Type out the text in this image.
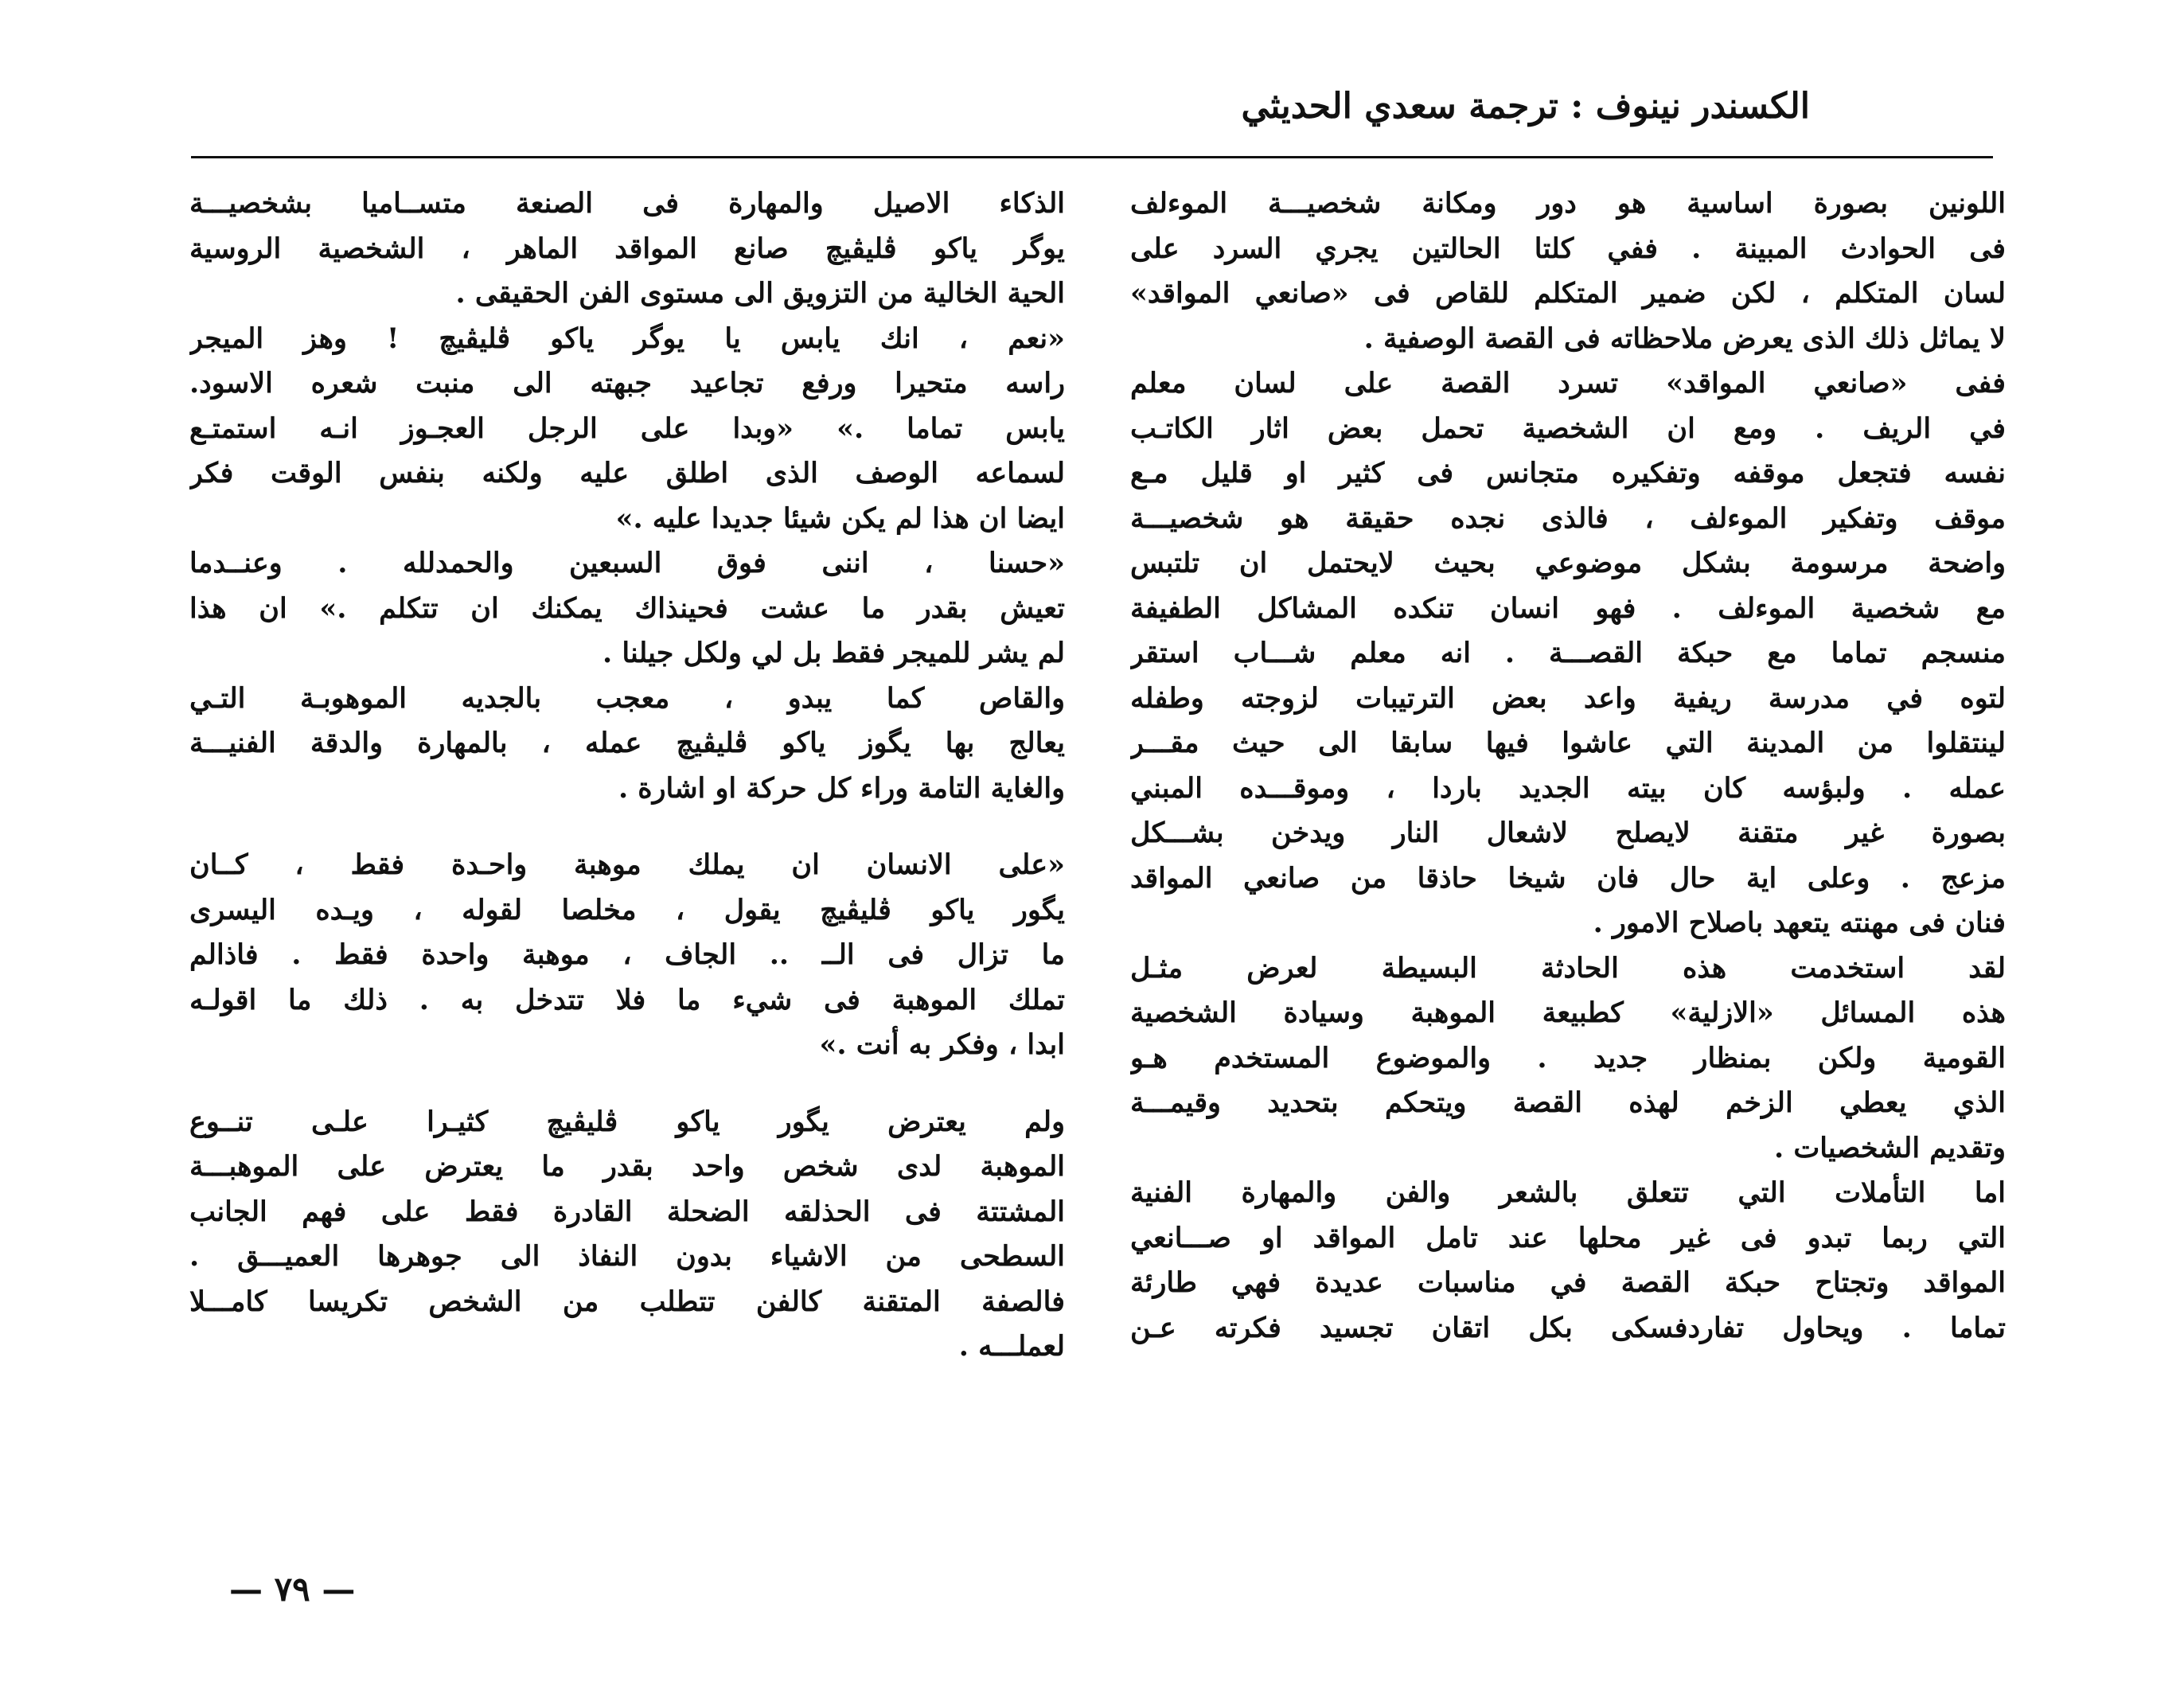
الكسندر نينوف : ترجمة سعدي الحديثي
اللونين بصورة اساسية هو دور ومكانة شخصيـــة الموءلف
فى الحوادث المبينة . ففي كلتا الحالتين يجري السرد على
لسان المتكلم ، لكن ضمير المتكلم للقاص فى «صانعي المواقد»
لا يماثل ذلك الذى يعرض ملاحظاته فى القصة الوصفية .
ففى «صانعي المواقد» تسرد القصة على لسان معلم
في الريف . ومع ان الشخصية تحمل بعض اثار الكاتـب
نفسه فتجعل موقفه وتفكيره متجانس فى كثير او قليل مـع
موقف وتفكير الموءلف ، فالذى نجده حقيقة هو شخصيـــة
واضحة مرسومة بشكل موضوعي بحيث لايحتمل ان تلتبس
مع شخصية الموءلف . فهو انسان تنكده المشاكل الطفيفة
منسجم تماما مع حبكة القصـــة . انه معلم شـــاب استقر
لتوه في مدرسة ريفية واعد بعض الترتيبات لزوجته وطفله
لينتقلوا من المدينة التي عاشوا فيها سابقا الى حيث مقـــر
عمله . ولبؤسه كان بيته الجديد باردا ، وموقـــده المبني
بصورة غير متقنة لايصلح لاشعال النار ويدخن بشـــكل
مزعج . وعلى اية حال فان شيخا حاذقا من صانعي المواقد
فنان فى مهنته يتعهد باصلاح الامور .
لقد استخدمت هذه الحادثة البسيطة لعرض مثـل
هذه المسائل «الازلية» كطبيعة الموهبة وسيادة الشخصية
القومية ولكن بمنظار جديد . والموضوع المستخدم هـو
الذي يعطي الزخم لهذه القصة ويتحكم بتحديد وقيمـــة
وتقديم الشخصيات .
اما التأملات التي تتعلق بالشعر والفن والمهارة الفنية
التي ربما تبدو فى غير محلها عند تامل المواقد او صـــانعي
المواقد وتجتاح حبكة القصة في مناسبات عديدة فهي طارئة
تماما . ويحاول تفاردفسكى بكل اتقان تجسيد فكرته عـن
الذكاء الاصيل والمهارة فى الصنعة متســاميا بشخصيـــة
يوگر ياكو ڤليڤيچ صانع المواقد الماهر ، الشخصية الروسية
الحية الخالية من التزويق الى مستوى الفن الحقيقى .
«نعم ، انك يابس يا يوگر ياكو ڤليڤيچ ! وهز الميجر
راسه متحيرا ورفع تجاعيد جبهته الى منبت شعره الاسود.
يابس تماما .» «وبدا على الرجل العجـوز انـه استمتـع
لسماعه الوصف الذى اطلق عليه ولكنه بنفس الوقت فكر
ايضا ان هذا لم يكن شيئا جديدا عليه .»
«حسنا ، اننى فوق السبعين والحمدلله . وعنــدما
تعيش بقدر ما عشت فحينذاك يمكنك ان تتكلم .» ان هذا
لم يشر للميجر فقط بل لي ولكل جيلنا .
والقاص كما يبدو ، معجب بالجديه الموهوبـة التـي
يعالج بها يگوز ياكو ڤليڤيچ عمله ، بالمهارة والدقة الفنيـــة
والغاية التامة وراء كل حركة او اشارة .
«على الانسان ان يملك موهبة واحـدة فقط ، كــان
يگور ياكو ڤليڤيچ يقول ، مخلصا لقوله ، ويـده اليسرى
ما تزال فى الــ .. الجاف ، موهبة واحدة فقط . فاذالم
تملك الموهبة فى شيء ما فلا تتدخل به . ذلك ما اقولـه
ابدا ، وفكر به أنت .»
ولم يعترض يگور ياكو ڤليڤيچ كثيـرا علـى تنــوع
الموهبة لدى شخص واحد بقدر ما يعترض على الموهبـــة
المشتتة فى الحذلقه الضحلة القادرة فقط على فهم الجانب
السطحى من الاشياء بدون النفاذ الى جوهرها العميـــق .
فالصفة المتقنة كالفن تتطلب من الشخص تكريسا كامـــلا
لعملـــه .
— ٧٩ —
